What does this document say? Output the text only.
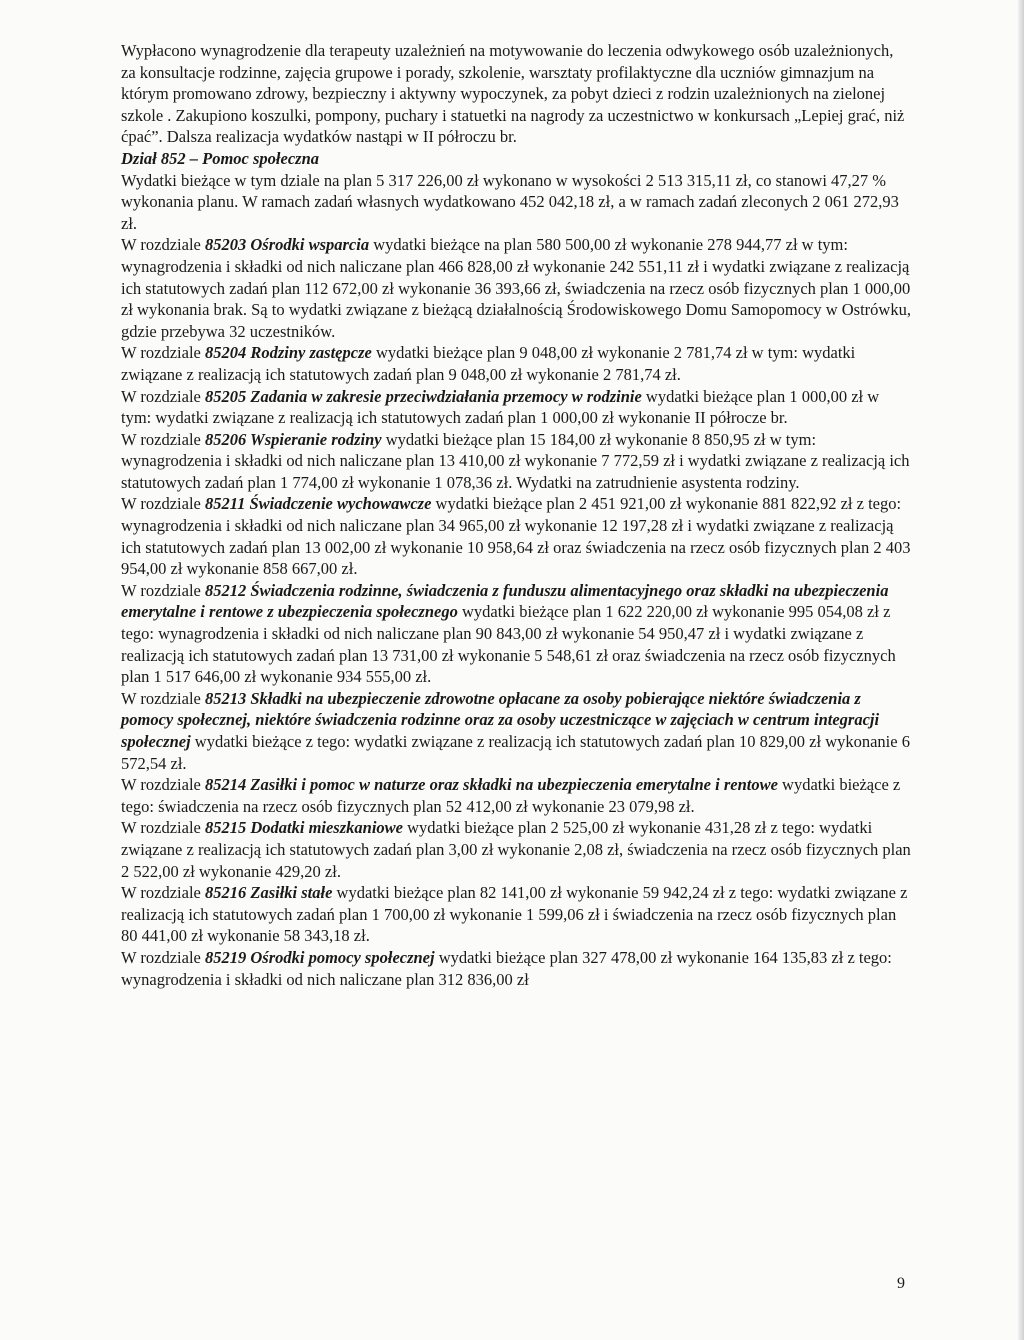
Wypłacono wynagrodzenie dla terapeuty uzależnień na motywowanie do leczenia odwykowego osób uzależnionych, za konsultacje rodzinne, zajęcia grupowe i porady, szkolenie, warsztaty profilaktyczne dla uczniów gimnazjum na którym promowano zdrowy, bezpieczny i aktywny wypoczynek, za pobyt dzieci z rodzin uzależnionych na zielonej szkole . Zakupiono koszulki, pompony, puchary i statuetki na nagrody za uczestnictwo w konkursach „Lepiej grać, niż ćpać”. Dalsza realizacja wydatków nastąpi w II półroczu br.

Dział 852 – Pomoc społeczna

Wydatki bieżące w tym dziale na plan 5 317 226,00 zł wykonano w wysokości 2 513 315,11 zł, co stanowi 47,27 % wykonania planu. W ramach zadań własnych wydatkowano 452 042,18 zł, a w ramach zadań zleconych 2 061 272,93 zł.

W rozdziale 85203 Ośrodki wsparcia wydatki bieżące na plan 580 500,00 zł wykonanie 278 944,77 zł w tym: wynagrodzenia i składki od nich naliczane plan 466 828,00 zł wykonanie 242 551,11 zł i wydatki związane z realizacją ich statutowych zadań plan 112 672,00 zł wykonanie 36 393,66 zł, świadczenia na rzecz osób fizycznych plan 1 000,00 zł wykonania brak. Są to wydatki związane z bieżącą działalnością Środowiskowego Domu Samopomocy w Ostrówku, gdzie przebywa 32 uczestników.

W rozdziale 85204 Rodziny zastępcze wydatki bieżące plan 9 048,00 zł wykonanie 2 781,74 zł w tym: wydatki związane z realizacją ich statutowych zadań plan 9 048,00 zł wykonanie 2 781,74 zł.

W rozdziale 85205 Zadania w zakresie przeciwdziałania przemocy w rodzinie wydatki bieżące plan 1 000,00 zł w tym: wydatki związane z realizacją ich statutowych zadań plan 1 000,00 zł wykonanie II półrocze br.

W rozdziale 85206 Wspieranie rodziny wydatki bieżące plan 15 184,00 zł wykonanie 8 850,95 zł w tym: wynagrodzenia i składki od nich naliczane plan 13 410,00 zł wykonanie 7 772,59 zł i wydatki związane z realizacją ich statutowych zadań plan 1 774,00 zł wykonanie 1 078,36 zł. Wydatki na zatrudnienie asystenta rodziny.

W rozdziale 85211 Świadczenie wychowawcze wydatki bieżące plan 2 451 921,00 zł wykonanie 881 822,92 zł z tego: wynagrodzenia i składki od nich naliczane plan 34 965,00 zł wykonanie 12 197,28 zł i wydatki związane z realizacją ich statutowych zadań plan 13 002,00 zł wykonanie 10 958,64 zł oraz świadczenia na rzecz osób fizycznych plan 2 403 954,00 zł wykonanie 858 667,00 zł.

W rozdziale 85212 Świadczenia rodzinne, świadczenia z funduszu alimentacyjnego oraz składki na ubezpieczenia emerytalne i rentowe z ubezpieczenia społecznego wydatki bieżące plan 1 622 220,00 zł wykonanie 995 054,08 zł z tego: wynagrodzenia i składki od nich naliczane plan 90 843,00 zł wykonanie 54 950,47 zł i wydatki związane z realizacją ich statutowych zadań plan 13 731,00 zł wykonanie 5 548,61 zł oraz świadczenia na rzecz osób fizycznych plan 1 517 646,00 zł wykonanie 934 555,00 zł.

W rozdziale 85213 Składki na ubezpieczenie zdrowotne opłacane za osoby pobierające niektóre świadczenia z pomocy społecznej, niektóre świadczenia rodzinne oraz za osoby uczestniczące w zajęciach w centrum integracji społecznej wydatki bieżące z tego: wydatki związane z realizacją ich statutowych zadań plan 10 829,00 zł wykonanie 6 572,54 zł.

W rozdziale 85214 Zasiłki i pomoc w naturze oraz składki na ubezpieczenia emerytalne i rentowe wydatki bieżące z tego: świadczenia na rzecz osób fizycznych plan 52 412,00 zł wykonanie 23 079,98 zł.

W rozdziale 85215 Dodatki mieszkaniowe wydatki bieżące plan 2 525,00 zł wykonanie 431,28 zł z tego: wydatki związane z realizacją ich statutowych zadań plan 3,00 zł wykonanie 2,08 zł, świadczenia na rzecz osób fizycznych plan 2 522,00 zł wykonanie 429,20 zł.

W rozdziale 85216 Zasiłki stałe wydatki bieżące plan 82 141,00 zł wykonanie 59 942,24 zł z tego: wydatki związane z realizacją ich statutowych zadań plan 1 700,00 zł wykonanie 1 599,06 zł i świadczenia na rzecz osób fizycznych plan 80 441,00 zł wykonanie 58 343,18 zł.

W rozdziale 85219 Ośrodki pomocy społecznej wydatki bieżące plan 327 478,00 zł wykonanie 164 135,83 zł z tego: wynagrodzenia i składki od nich naliczane plan 312 836,00 zł

9
